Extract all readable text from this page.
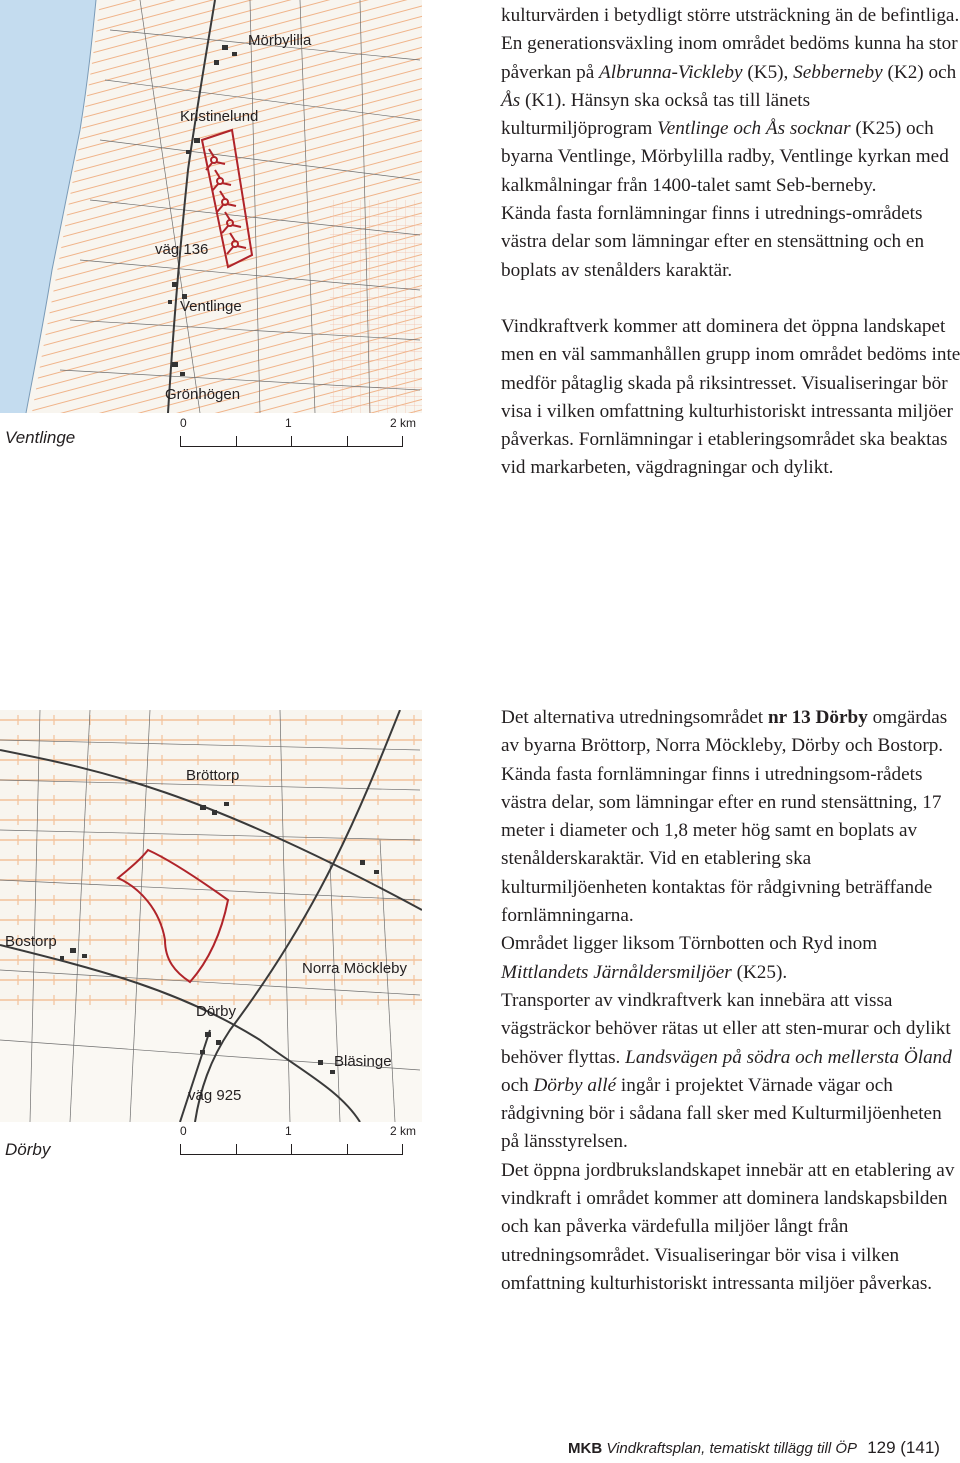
Mörbylilla
Kristinelund
väg 136
Ventlinge
Grönhögen
0	1	2 km
Ventlinge
Bröttorp
Bostorp
Norra Möckleby
Dörby
Bläsinge
väg 925
0	1	2 km
Dörby

kulturvärden i betydligt större utsträckning än de befintliga.

En generationsväxling inom området bedöms kunna ha stor påverkan på Albrunna-Vickleby (K5), Sebberneby (K2) och Ås (K1). Hänsyn ska också tas till länets kulturmiljöprogram Ventlinge och Ås socknar (K25) och byarna Ventlinge, Mörbylilla radby, Ventlinge kyrkan med kalkmålningar från 1400-talet samt Seb-berneby.

Kända fasta fornlämningar finns i utrednings-områdets västra delar som lämningar efter en stensättning och en boplats av stenålders karaktär.

Vindkraftverk kommer att dominera det öppna landskapet men en väl sammanhållen grupp inom området bedöms inte medför påtaglig skada på riksintresset. Visualiseringar bör visa i vilken omfattning kulturhistoriskt intressanta miljöer påverkas. Fornlämningar i etableringsområdet ska beaktas vid markarbeten, vägdragningar och dylikt.

Det alternativa utredningsområdet nr 13 Dörby omgärdas av byarna Bröttorp, Norra Möckleby, Dörby och Bostorp.

Kända fasta fornlämningar finns i utredningsom-rådets västra delar, som lämningar efter en rund stensättning, 17 meter i diameter och 1,8 meter hög samt en boplats av stenålderskaraktär. Vid en etablering ska kulturmiljöenheten kontaktas för rådgivning beträffande fornlämningarna.

Området ligger liksom Törnbotten och Ryd inom Mittlandets Järnåldersmiljöer (K25).

Transporter av vindkraftverk kan innebära att vissa vägsträckor behöver rätas ut eller att sten-murar och dylikt behöver flyttas. Landsvägen på södra och mellersta Öland och Dörby allé ingår i projektet Värnade vägar och rådgivning bör i sådana fall sker med Kulturmiljöenheten på länsstyrelsen.

Det öppna jordbrukslandskapet innebär att en etablering av vindkraft i området kommer att dominera landskapsbilden och kan påverka värdefulla miljöer långt från utredningsområdet. Visualiseringar bör visa i vilken omfattning kulturhistoriskt intressanta miljöer påverkas.

MKB Vindkraftsplan, tematiskt tillägg till ÖP 129 (141)
